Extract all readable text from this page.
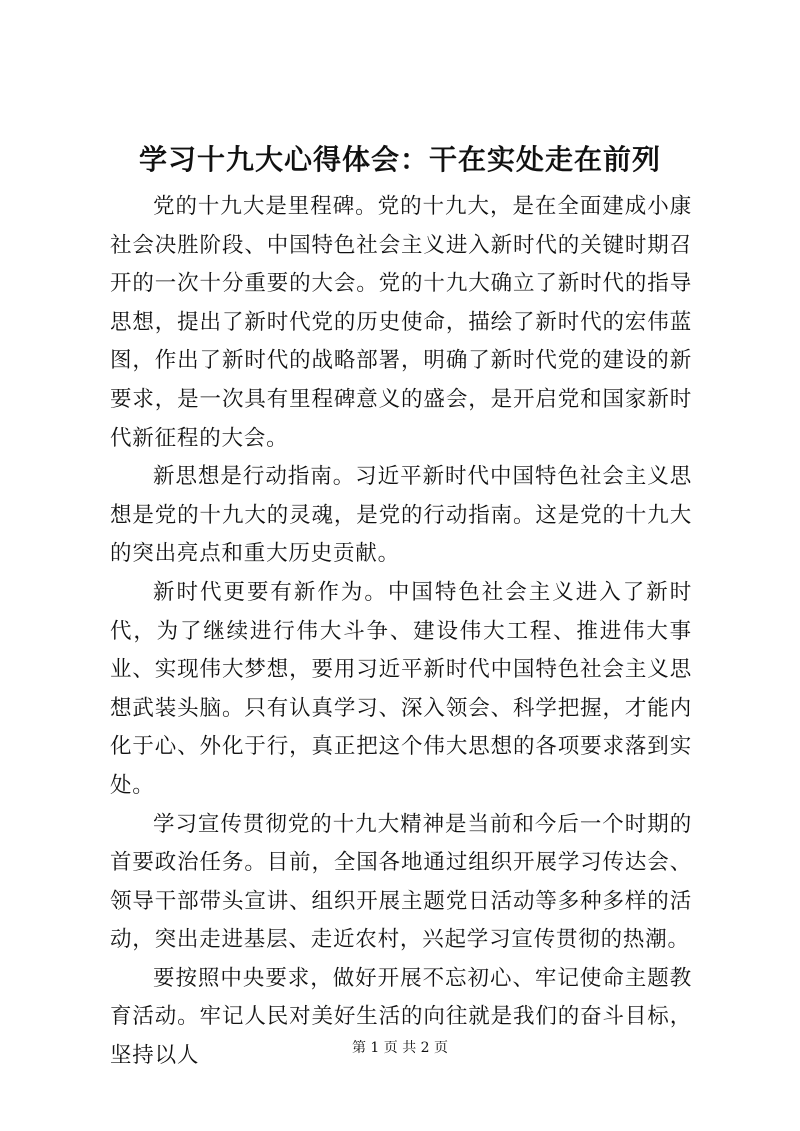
学习十九大心得体会：干在实处走在前列

党的十九大是里程碑。党的十九大，是在全面建成小康社会决胜阶段、中国特色社会主义进入新时代的关键时期召开的一次十分重要的大会。党的十九大确立了新时代的指导思想，提出了新时代党的历史使命，描绘了新时代的宏伟蓝图，作出了新时代的战略部署，明确了新时代党的建设的新要求，是一次具有里程碑意义的盛会，是开启党和国家新时代新征程的大会。

新思想是行动指南。习近平新时代中国特色社会主义思想是党的十九大的灵魂，是党的行动指南。这是党的十九大的突出亮点和重大历史贡献。

新时代更要有新作为。中国特色社会主义进入了新时代，为了继续进行伟大斗争、建设伟大工程、推进伟大事业、实现伟大梦想，要用习近平新时代中国特色社会主义思想武装头脑。只有认真学习、深入领会、科学把握，才能内化于心、外化于行，真正把这个伟大思想的各项要求落到实处。

学习宣传贯彻党的十九大精神是当前和今后一个时期的首要政治任务。目前，全国各地通过组织开展学习传达会、领导干部带头宣讲、组织开展主题党日活动等多种多样的活动，突出走进基层、走近农村，兴起学习宣传贯彻的热潮。

要按照中央要求，做好开展不忘初心、牢记使命主题教育活动。牢记人民对美好生活的向往就是我们的奋斗目标，坚持以人	第 1 页 共 2 页
